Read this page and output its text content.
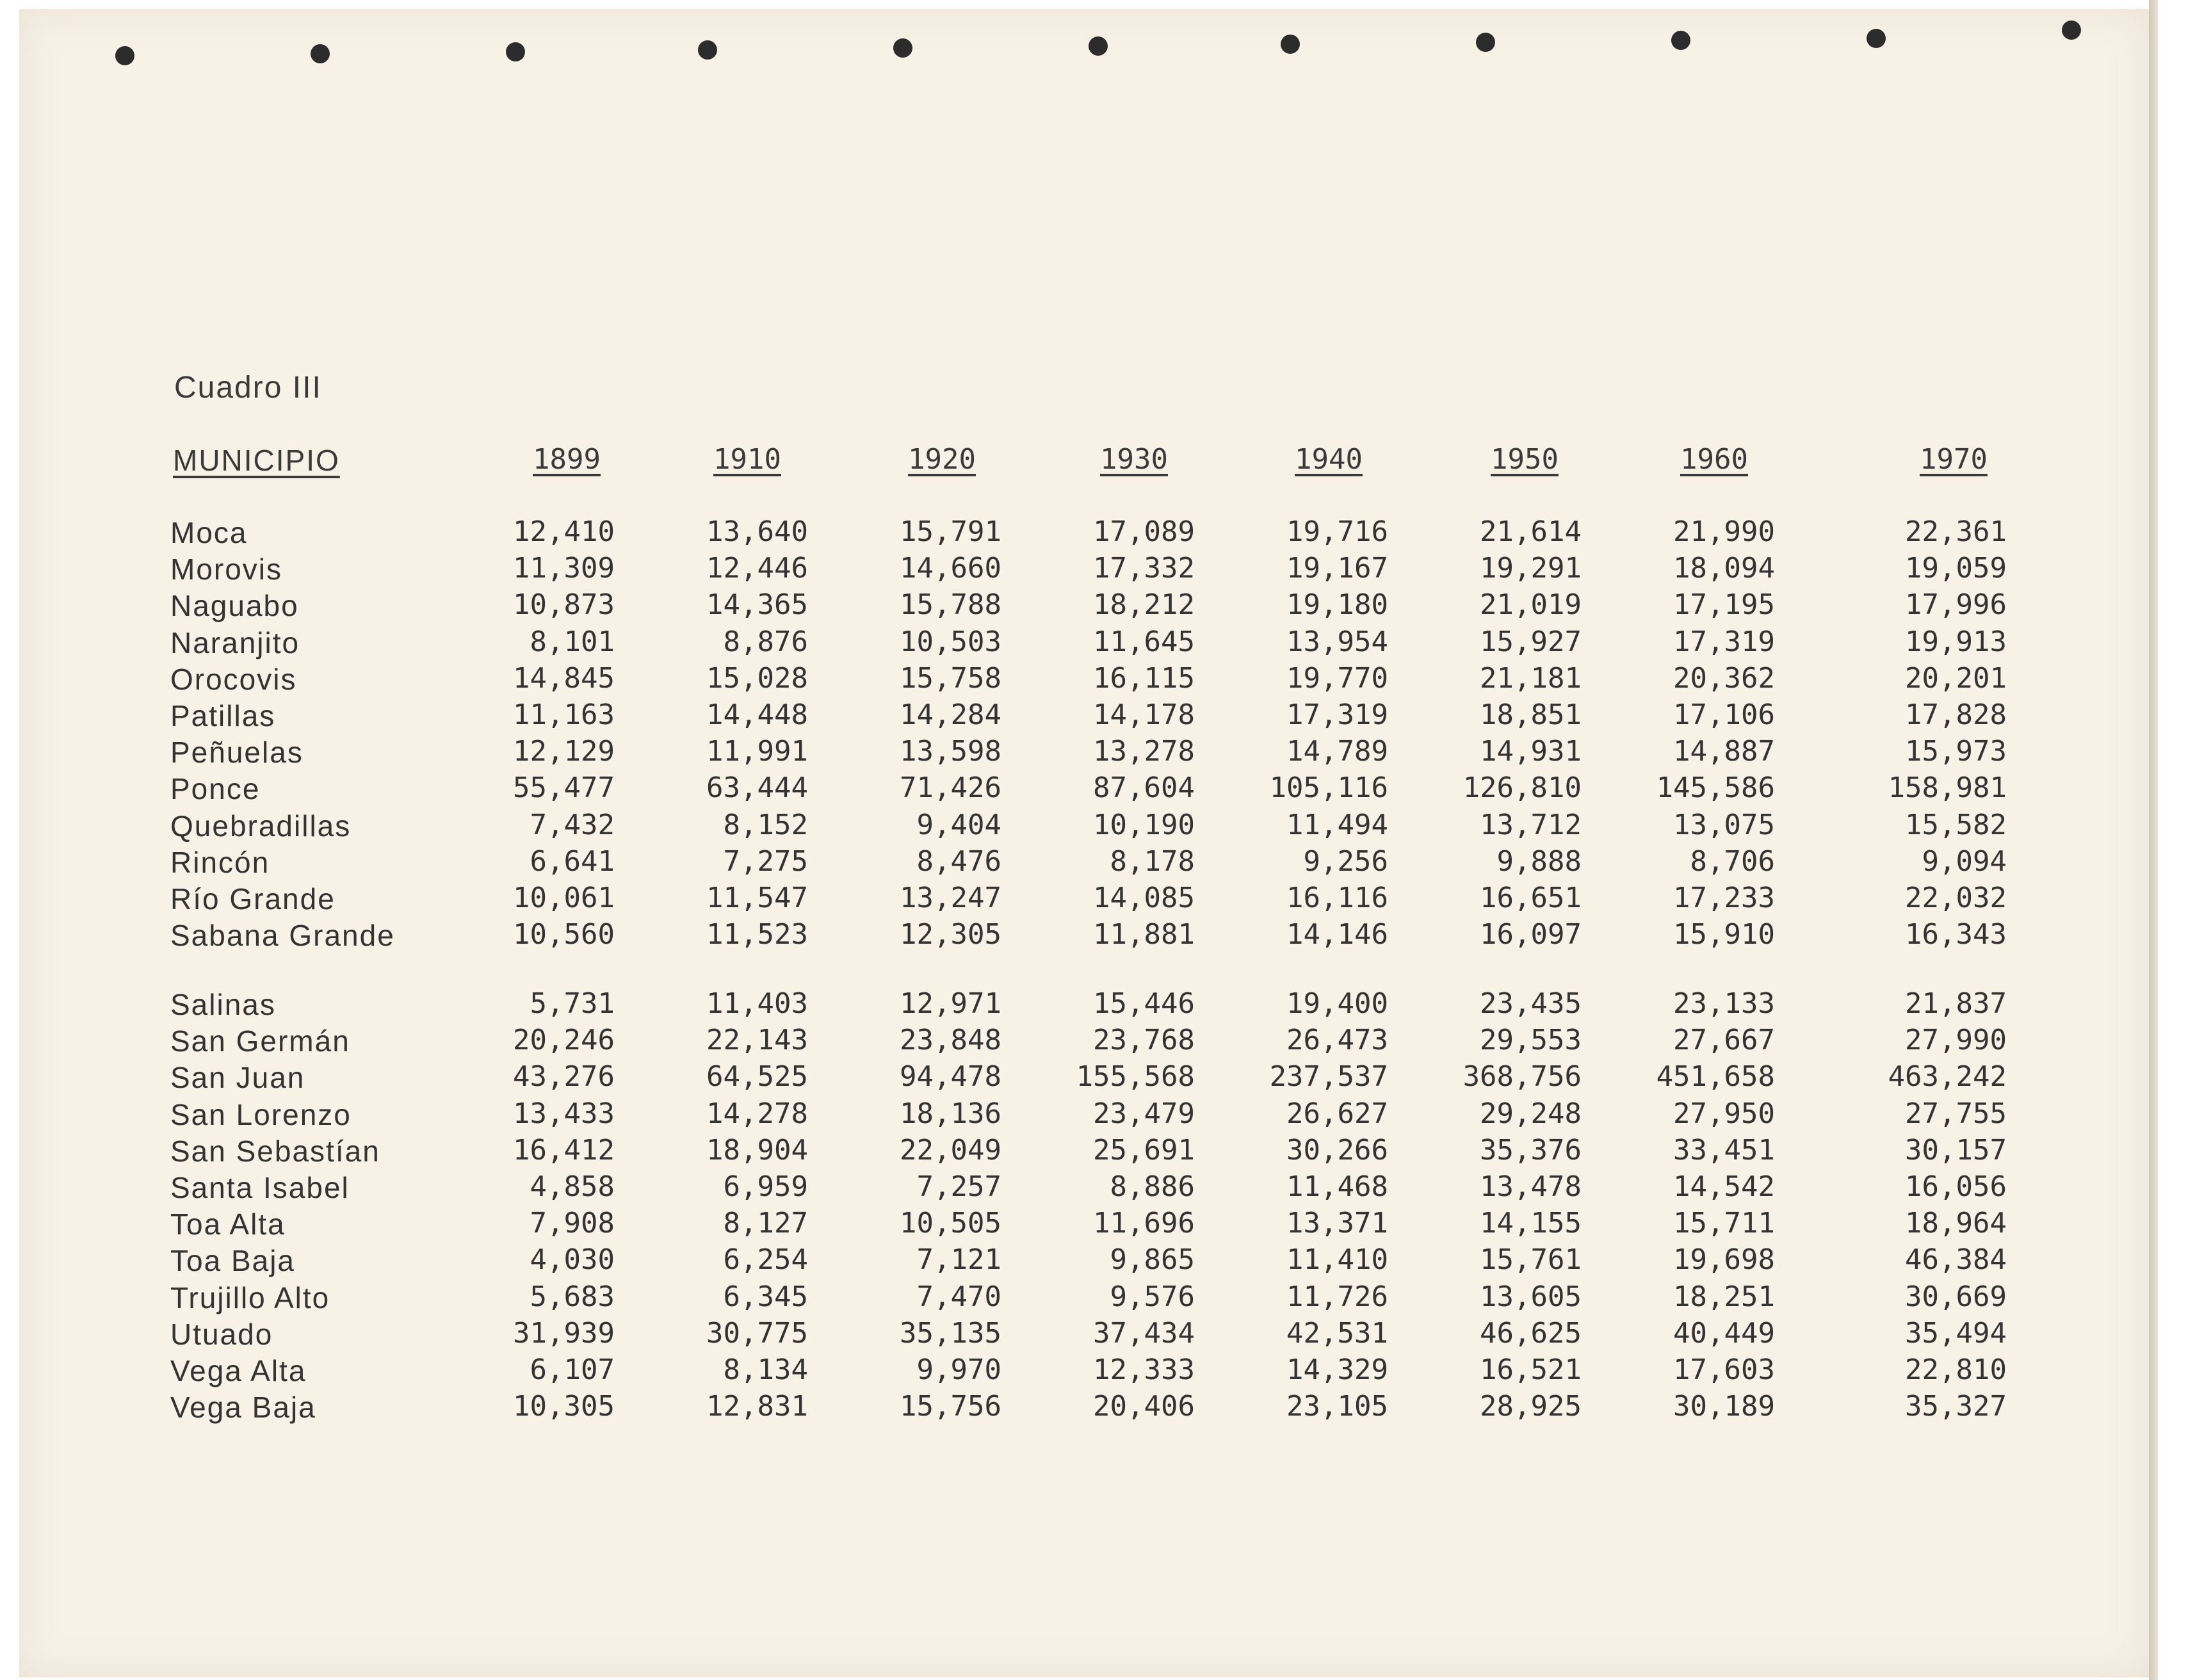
Cuadro III
MUNICIPIO	1899	1910	1920	1930	1940	1950	1960	1970
Moca	12,410	13,640	15,791	17,089	19,716	21,614	21,990	22,361
Morovis	11,309	12,446	14,660	17,332	19,167	19,291	18,094	19,059
Naguabo	10,873	14,365	15,788	18,212	19,180	21,019	17,195	17,996
Naranjito	8,101	8,876	10,503	11,645	13,954	15,927	17,319	19,913
Orocovis	14,845	15,028	15,758	16,115	19,770	21,181	20,362	20,201
Patillas	11,163	14,448	14,284	14,178	17,319	18,851	17,106	17,828
Peñuelas	12,129	11,991	13,598	13,278	14,789	14,931	14,887	15,973
Ponce	55,477	63,444	71,426	87,604	105,116	126,810	145,586	158,981
Quebradillas	7,432	8,152	9,404	10,190	11,494	13,712	13,075	15,582
Rincón	6,641	7,275	8,476	8,178	9,256	9,888	8,706	9,094
Río Grande	10,061	11,547	13,247	14,085	16,116	16,651	17,233	22,032
Sabana Grande	10,560	11,523	12,305	11,881	14,146	16,097	15,910	16,343
Salinas	5,731	11,403	12,971	15,446	19,400	23,435	23,133	21,837
San Germán	20,246	22,143	23,848	23,768	26,473	29,553	27,667	27,990
San Juan	43,276	64,525	94,478	155,568	237,537	368,756	451,658	463,242
San Lorenzo	13,433	14,278	18,136	23,479	26,627	29,248	27,950	27,755
San Sebastían	16,412	18,904	22,049	25,691	30,266	35,376	33,451	30,157
Santa Isabel	4,858	6,959	7,257	8,886	11,468	13,478	14,542	16,056
Toa Alta	7,908	8,127	10,505	11,696	13,371	14,155	15,711	18,964
Toa Baja	4,030	6,254	7,121	9,865	11,410	15,761	19,698	46,384
Trujillo Alto	5,683	6,345	7,470	9,576	11,726	13,605	18,251	30,669
Utuado	31,939	30,775	35,135	37,434	42,531	46,625	40,449	35,494
Vega Alta	6,107	8,134	9,970	12,333	14,329	16,521	17,603	22,810
Vega Baja	10,305	12,831	15,756	20,406	23,105	28,925	30,189	35,327
